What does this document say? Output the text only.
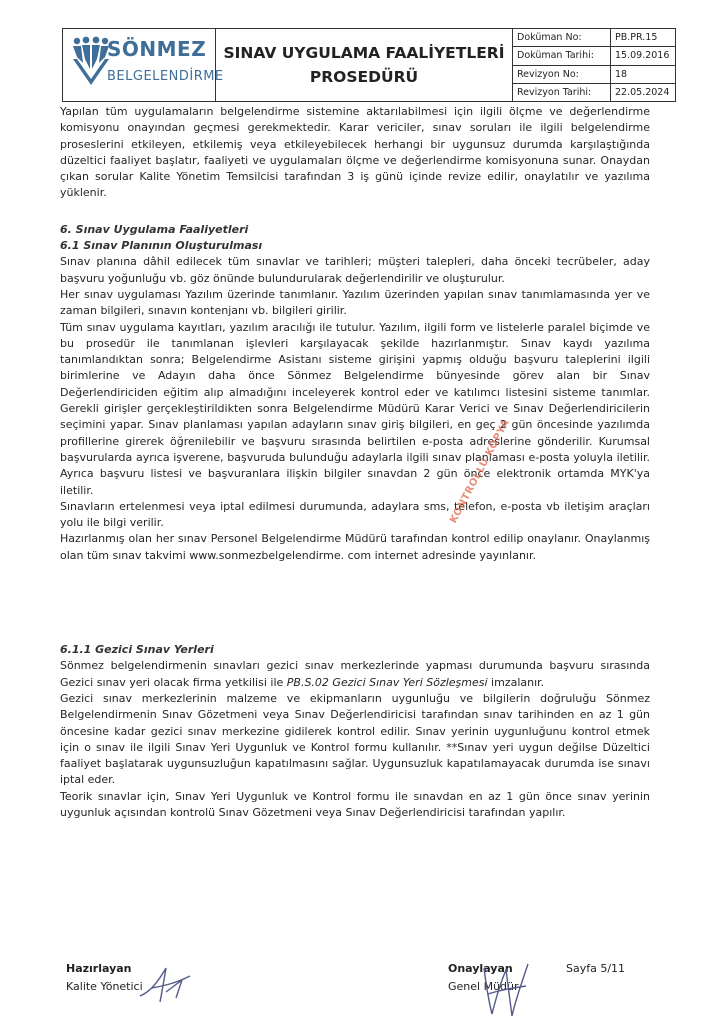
SÖNMEZ
BELGELENDİRME
SINAV UYGULAMA FAALİYETLERİ
PROSEDÜRÜ
Doküman No:	PB.PR.15
Doküman Tarihi:	15.09.2016
Revizyon No:	18
Revizyon Tarihi:	22.05.2024

Yapılan tüm uygulamaların belgelendirme sistemine aktarılabilmesi için ilgili ölçme ve değerlendirme komisyonu onayından geçmesi gerekmektedir. Karar vericiler, sınav soruları ile ilgili belgelendirme proseslerini etkileyen, etkilemiş veya etkileyebilecek herhangi bir uygunsuz durumda karşılaştığında düzeltici faaliyet başlatır, faaliyeti ve uygulamaları ölçme ve değerlendirme komisyonuna sunar. Onaydan çıkan sorular Kalite Yönetim Temsilcisi tarafından 3 iş günü içinde revize edilir, onaylatılır ve yazılıma yüklenir.

6. Sınav Uygulama Faaliyetleri

6.1 Sınav Planının Oluşturulması

Sınav planına dâhil edilecek tüm sınavlar ve tarihleri; müşteri talepleri, daha önceki tecrübeler, aday başvuru yoğunluğu vb. göz önünde bulundurularak değerlendirilir ve oluşturulur.

Her sınav uygulaması Yazılım üzerinde tanımlanır. Yazılım üzerinden yapılan sınav tanımlamasında yer ve zaman bilgileri, sınavın kontenjanı vb. bilgileri girilir.

Tüm sınav uygulama kayıtları, yazılım aracılığı ile tutulur. Yazılım, ilgili form ve listelerle paralel biçimde ve bu prosedür ile tanımlanan işlevleri karşılayacak şekilde hazırlanmıştır. Sınav kaydı yazılıma tanımlandıktan sonra; Belgelendirme Asistanı sisteme girişini yapmış olduğu başvuru taleplerini ilgili birimlerine ve Adayın daha önce Sönmez Belgelendirme bünyesinde görev alan bir Sınav Değerlendiriciden eğitim alıp almadığını inceleyerek kontrol eder ve katılımcı listesini sisteme tanımlar. Gerekli girişler gerçekleştirildikten sonra Belgelendirme Müdürü Karar Verici ve Sınav Değerlendiricilerin seçimini yapar. Sınav planlaması yapılan adayların sınav giriş bilgileri, en geç 2 gün öncesinde yazılımda profillerine girerek öğrenilebilir ve başvuru sırasında belirtilen e-posta adreslerine gönderilir. Kurumsal başvurularda ayrıca işverene, başvuruda bulunduğu adaylarla ilgili sınav planlaması e-posta yoluyla iletilir. Ayrıca başvuru listesi ve başvuranlara ilişkin bilgiler sınavdan 2 gün önce elektronik ortamda MYK'ya iletilir.

Sınavların ertelenmesi veya iptal edilmesi durumunda, adaylara sms, telefon, e-posta vb iletişim araçları yolu ile bilgi verilir.

Hazırlanmış olan her sınav Personel Belgelendirme Müdürü tarafından kontrol edilip onaylanır. Onaylanmış olan tüm sınav takvimi www.sonmezbelgelendirme. com internet adresinde yayınlanır.

6.1.1 Gezici Sınav Yerleri

Sönmez belgelendirmenin sınavları gezici sınav merkezlerinde yapması durumunda başvuru sırasında Gezici sınav yeri olacak firma yetkilisi ile PB.S.02 Gezici Sınav Yeri Sözleşmesi imzalanır.

Gezici sınav merkezlerinin malzeme ve ekipmanların uygunluğu ve bilgilerin doğruluğu Sönmez Belgelendirmenin Sınav Gözetmeni veya Sınav Değerlendiricisi tarafından sınav tarihinden en az 1 gün öncesine kadar gezici sınav merkezine gidilerek kontrol edilir. Sınav yerinin uygunluğunu kontrol etmek için o sınav ile ilgili Sınav Yeri Uygunluk ve Kontrol formu kullanılır. **Sınav yeri uygun değilse Düzeltici faaliyet başlatarak uygunsuzluğun kapatılmasını sağlar. Uygunsuzluk kapatılamayacak durumda ise sınavı iptal eder.

Teorik sınavlar için, Sınav Yeri Uygunluk ve Kontrol formu ile sınavdan en az 1 gün önce sınav yerinin uygunluk açısından kontrolü Sınav Gözetmeni veya Sınav Değerlendiricisi tarafından yapılır.

KONTROLLÜ KOPYA
Hazırlayan
Kalite Yönetici
Onaylayan
Genel Müdür
Sayfa 5/11
